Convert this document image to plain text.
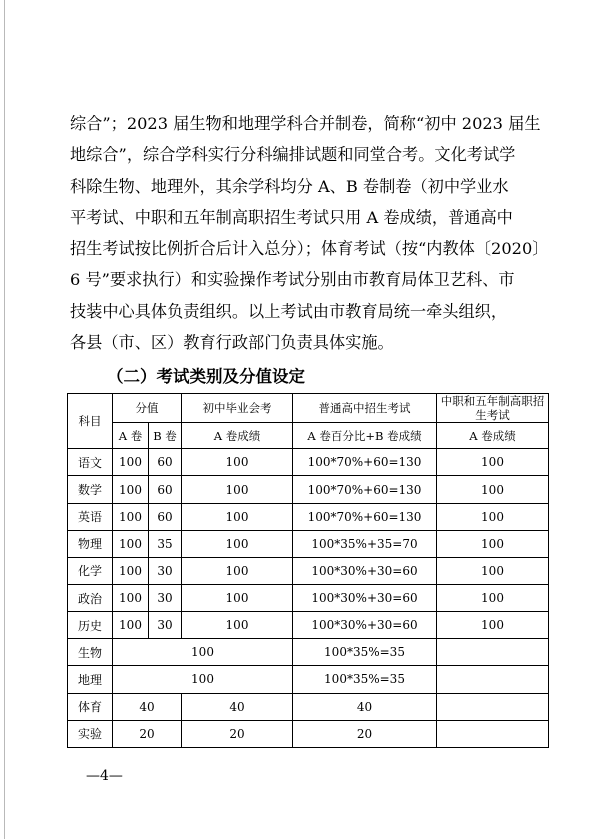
综合”；2023 届生物和地理学科合并制卷，简称“初中 2023 届生
地综合”，综合学科实行分科编排试题和同堂合考。文化考试学
科除生物、地理外，其余学科均分 A、B 卷制卷（初中学业水
平考试、中职和五年制高职招生考试只用 A 卷成绩，普通高中
招生考试按比例折合后计入总分）；体育考试（按“内教体〔2020〕
6 号”要求执行）和实验操作考试分别由市教育局体卫艺科、市
技装中心具体负责组织。以上考试由市教育局统一牵头组织，
各县（市、区）教育行政部门负责具体实施。
（二）考试类别及分值设定
科目	分值		初中毕业会考	普通高中招生考试	中职和五年制高职招生考试
	A 卷	B 卷	A 卷成绩	A 卷百分比+B 卷成绩	A 卷成绩
语文	100	60	100	100*70%+60=130	100
数学	100	60	100	100*70%+60=130	100
英语	100	60	100	100*70%+60=130	100
物理	100	35	100	100*35%+35=70	100
化学	100	30	100	100*30%+30=60	100
政治	100	30	100	100*30%+30=60	100
历史	100	30	100	100*30%+30=60	100
生物	100			100*35%=35	
地理	100			100*35%=35	
体育	40		40	40	
实验	20		20	20	
—4—
